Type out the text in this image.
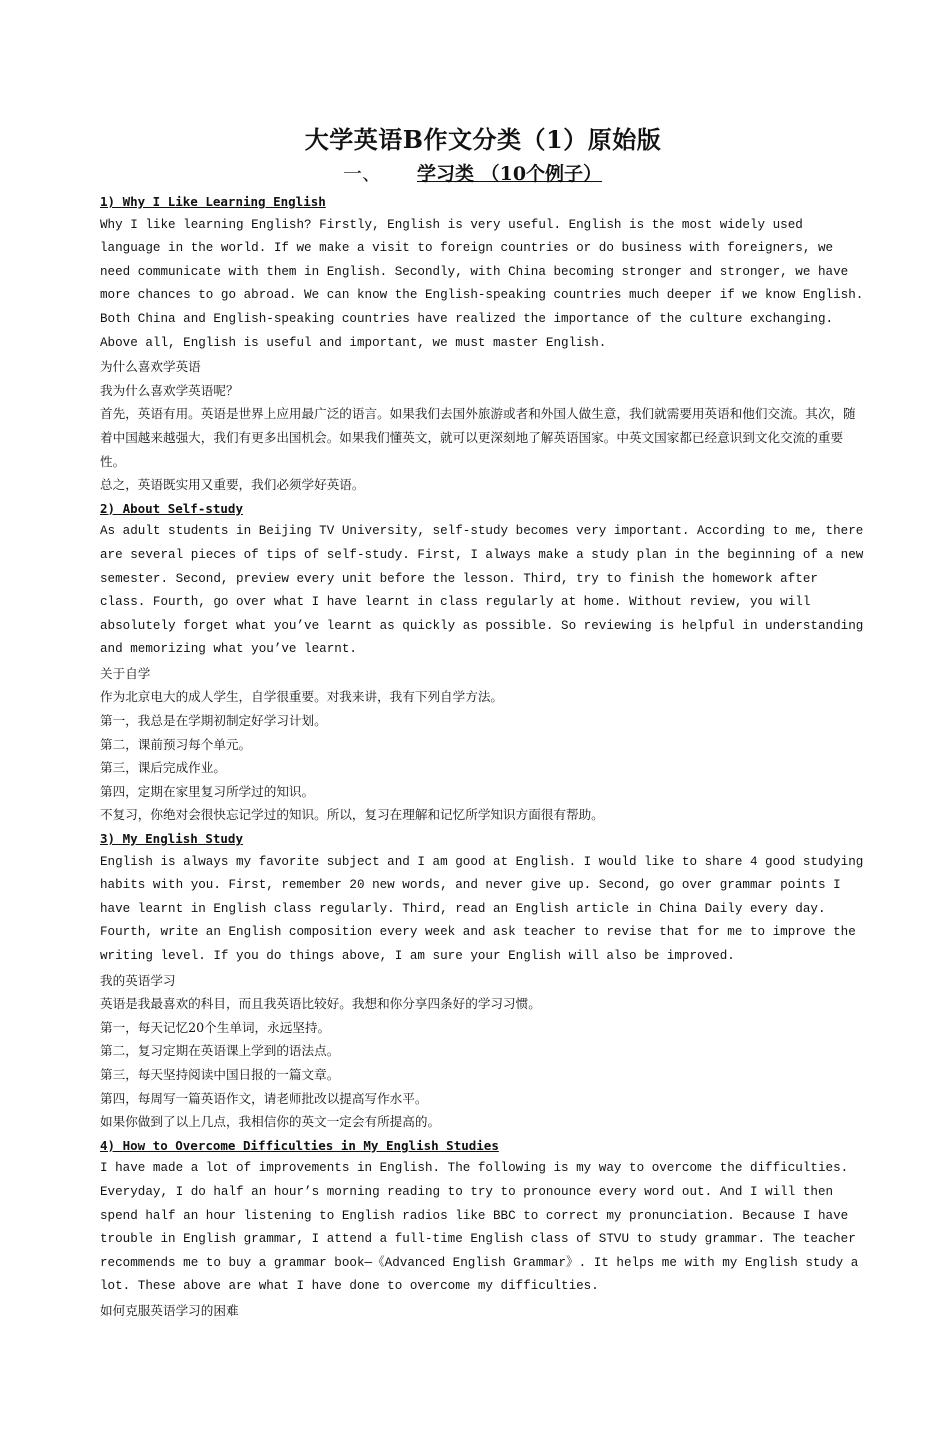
大学英语B作文分类（1）原始版
一、 学习类 （10个例子）
1) Why I Like Learning English

Why I like learning English? Firstly, English is very useful. English is the most widely used language in the world. If we make a visit to foreign countries or do business with foreigners, we need communicate with them in English. Secondly, with China becoming stronger and stronger, we have more chances to go abroad. We can know the English-speaking countries much deeper if we know English. Both China and English-speaking countries have realized the importance of the culture exchanging. Above all, English is useful and important, we must master English.

为什么喜欢学英语

我为什么喜欢学英语呢？

首先，英语有用。英语是世界上应用最广泛的语言。如果我们去国外旅游或者和外国人做生意，我们就需要用英语和他们交流。其次，随着中国越来越强大，我们有更多出国机会。如果我们懂英文，就可以更深刻地了解英语国家。中英文国家都已经意识到文化交流的重要性。

总之，英语既实用又重要，我们必须学好英语。

2) About Self-study

As adult students in Beijing TV University, self-study becomes very important. According to me, there are several pieces of tips of self-study. First, I always make a study plan in the beginning of a new semester. Second, preview every unit before the lesson. Third, try to finish the homework after class. Fourth, go over what I have learnt in class regularly at home. Without review, you will absolutely forget what you’ve learnt as quickly as possible. So reviewing is helpful in understanding and memorizing what you’ve learnt.

关于自学

作为北京电大的成人学生，自学很重要。对我来讲，我有下列自学方法。

第一，我总是在学期初制定好学习计划。

第二，课前预习每个单元。

第三，课后完成作业。

第四，定期在家里复习所学过的知识。

不复习，你绝对会很快忘记学过的知识。所以，复习在理解和记忆所学知识方面很有帮助。

3) My English Study

English is always my favorite subject and I am good at English. I would like to share 4 good studying habits with you. First, remember 20 new words, and never give up. Second, go over grammar points I have learnt in English class regularly. Third, read an English article in China Daily every day. Fourth, write an English composition every week and ask teacher to revise that for me to improve the writing level. If you do things above, I am sure your English will also be improved.

我的英语学习

英语是我最喜欢的科目，而且我英语比较好。我想和你分享四条好的学习习惯。

第一，每天记忆20个生单词，永远坚持。

第二，复习定期在英语课上学到的语法点。

第三，每天坚持阅读中国日报的一篇文章。

第四，每周写一篇英语作文，请老师批改以提高写作水平。

如果你做到了以上几点，我相信你的英文一定会有所提高的。

4) How to Overcome Difficulties in My English Studies

I have made a lot of improvements in English. The following is my way to overcome the difficulties. Everyday, I do half an hour’s morning reading to try to pronounce every word out. And I will then spend half an hour listening to English radios like BBC to correct my pronunciation. Because I have trouble in English grammar, I attend a full-time English class of STVU to study grammar. The teacher recommends me to buy a grammar book—《Advanced English Grammar》. It helps me with my English study a lot. These above are what I have done to overcome my difficulties.

如何克服英语学习的困难
